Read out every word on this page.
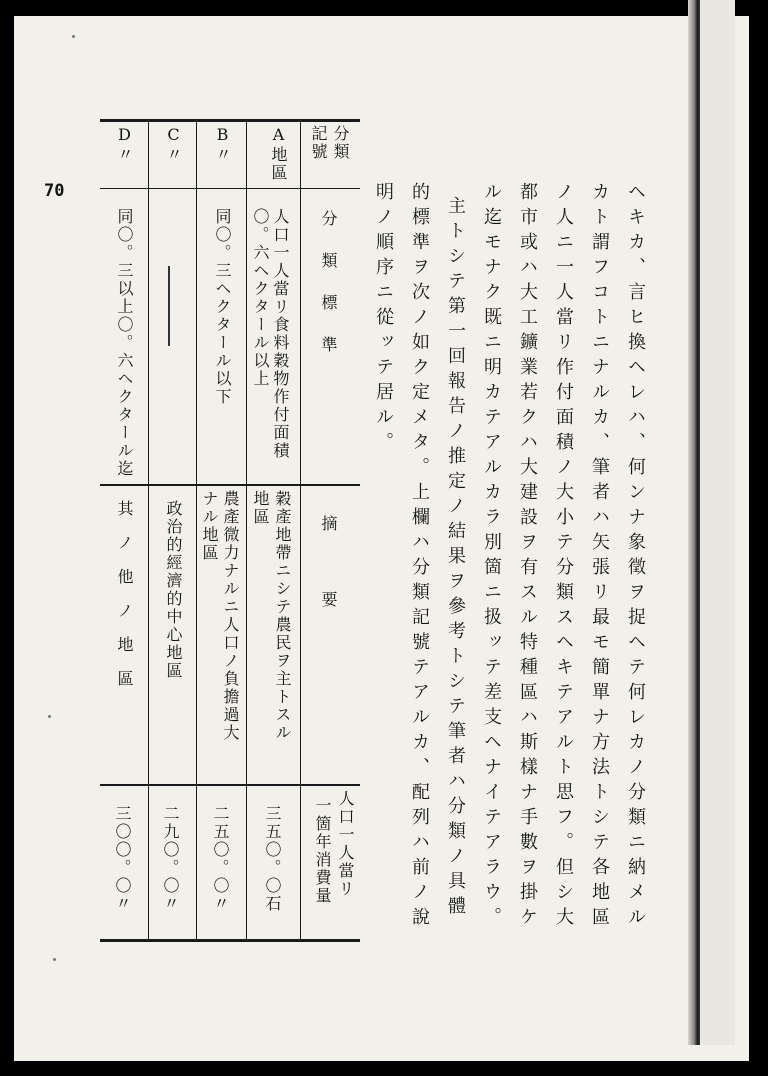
70	ヘキカ、言ヒ換ヘレハ、何ンナ象徵ヲ捉ヘテ何レカノ分類ニ納メル
カト謂フコトニナルカ、筆者ハ矢張リ最モ簡單ナ方法トシテ各地區
ノ人ニ一人當リ作付面積ノ大小テ分類スヘキテアルト思フ。但シ大
都市或ハ大工鑛業若クハ大建設ヲ有スル特種區ハ斯樣ナ手數ヲ掛ケ
ル迄モナク既ニ明カテアルカラ別箇ニ扱ッテ差支ヘナイテアラウ。
主トシテ第一回報告ノ推定ノ結果ヲ參考トシテ筆者ハ分類ノ具體
的標準ヲ次ノ如ク定メタ。上欄ハ分類記號テアルカ、配列ハ前ノ說
明ノ順序ニ從ッテ居ル。
分類
記號
分類標準
摘要
人口一人當リ
一箇年消費量
A地區
人口一人當リ食料穀物作付面積
〇。六ヘクタール以上
穀產地帶ニシテ農民ヲ主トスル
地區
三五〇。〇石
B〃
同〇。三ヘクタール以下
農產微力ナルニ人口ノ負擔過大
ナル地區
二五〇。〇〃
C〃
政治的經濟的中心地區
二九〇。〇〃
D〃
同〇。三以上〇。六ヘクタール迄
其ノ他ノ地區
三〇〇。〇〃
